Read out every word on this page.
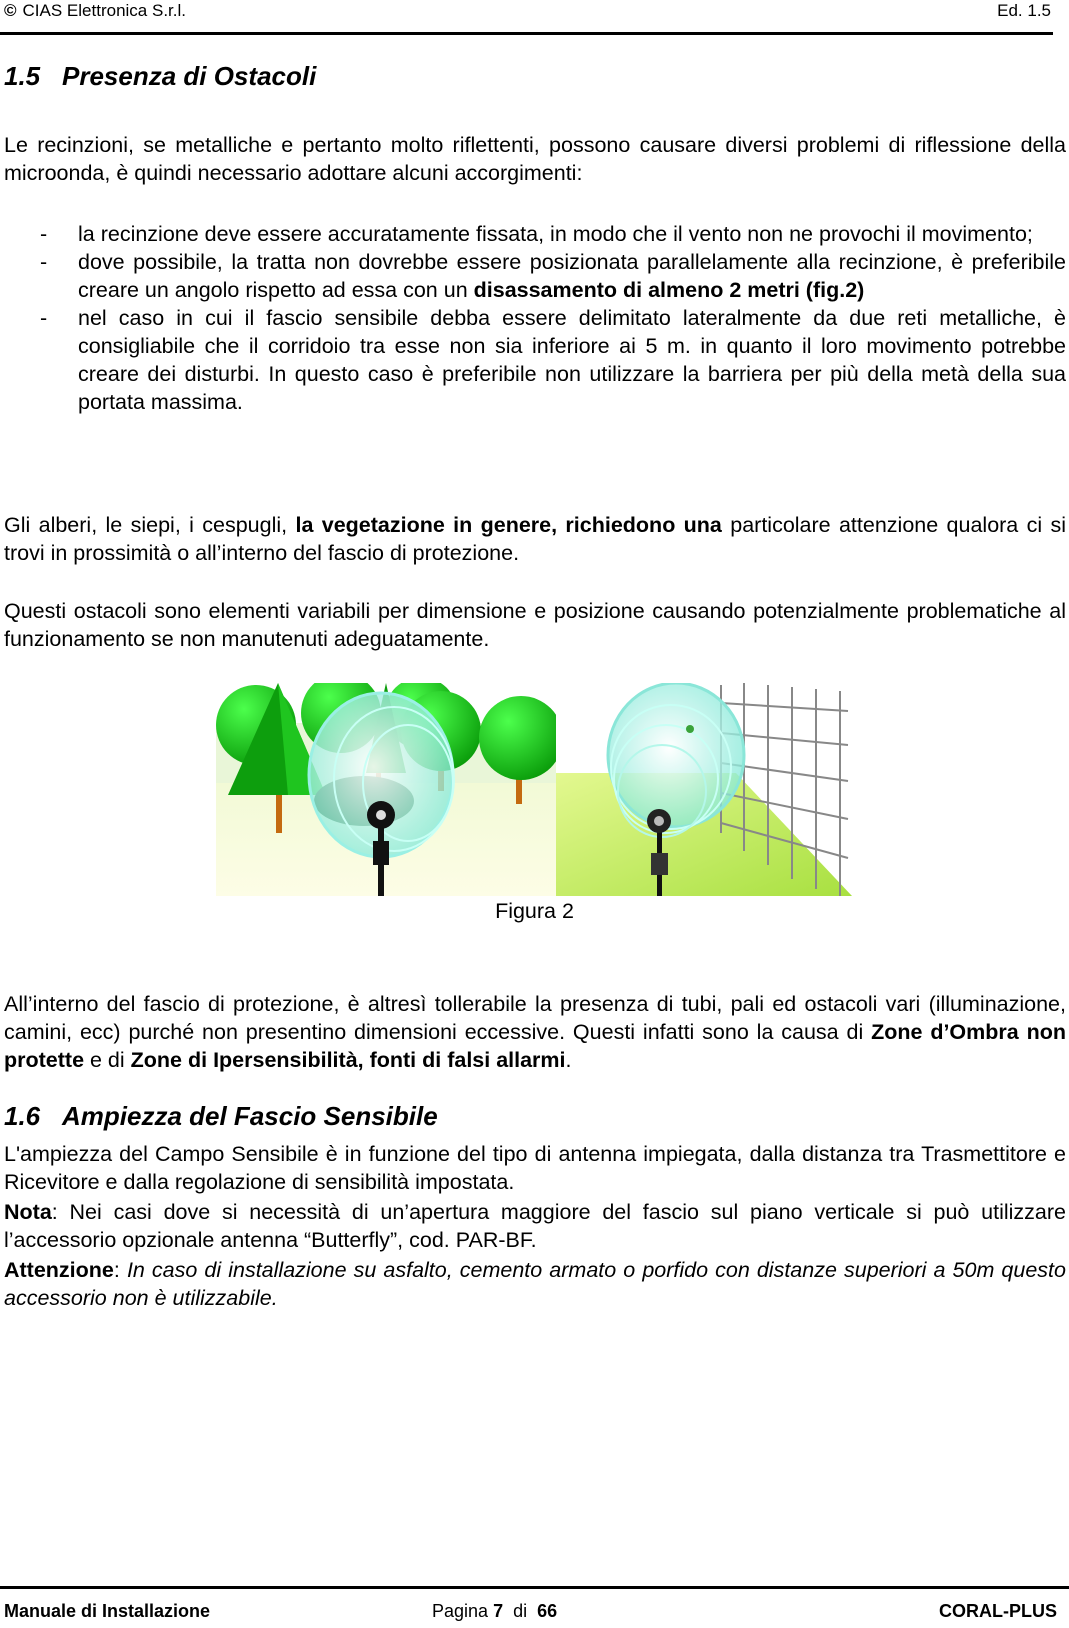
© CIAS Elettronica S.r.l.	Ed. 1.5
1.5 Presenza di Ostacoli
Le recinzioni, se metalliche e pertanto molto riflettenti, possono causare diversi problemi di riflessione della microonda, è quindi necessario adottare alcuni accorgimenti:
- la recinzione deve essere accuratamente fissata, in modo che il vento non ne provochi il movimento;
- dove possibile, la tratta non dovrebbe essere posizionata parallelamente alla recinzione, è preferibile creare un angolo rispetto ad essa con un disassamento di almeno 2 metri (fig.2)
- nel caso in cui il fascio sensibile debba essere delimitato lateralmente da due reti metalliche, è consigliabile che il corridoio tra esse non sia inferiore ai 5 m. in quanto il loro movimento potrebbe creare dei disturbi. In questo caso è preferibile non utilizzare la barriera per più della metà della sua portata massima.
Gli alberi, le siepi, i cespugli, la vegetazione in genere, richiedono una particolare attenzione qualora ci si trovi in prossimità o all’interno del fascio di protezione.
Questi ostacoli sono elementi variabili per dimensione e posizione causando potenzialmente problematiche al funzionamento se non manutenuti adeguatamente.
Figura 2
All’interno del fascio di protezione, è altresì tollerabile la presenza di tubi, pali ed ostacoli vari (illuminazione, camini, ecc) purché non presentino dimensioni eccessive. Questi infatti sono la causa di Zone d’Ombra non protette e di Zone di Ipersensibilità, fonti di falsi allarmi.
1.6 Ampiezza del Fascio Sensibile
L'ampiezza del Campo Sensibile è in funzione del tipo di antenna impiegata, dalla distanza tra Trasmettitore e Ricevitore e dalla regolazione di sensibilità impostata.
Nota: Nei casi dove si necessità di un’apertura maggiore del fascio sul piano verticale si può utilizzare l’accessorio opzionale antenna “Butterfly”, cod. PAR-BF.
Attenzione: In caso di installazione su asfalto, cemento armato o porfido con distanze superiori a 50m questo accessorio non è utilizzabile.
Manuale di Installazione	Pagina 7  di  66	CORAL-PLUS
